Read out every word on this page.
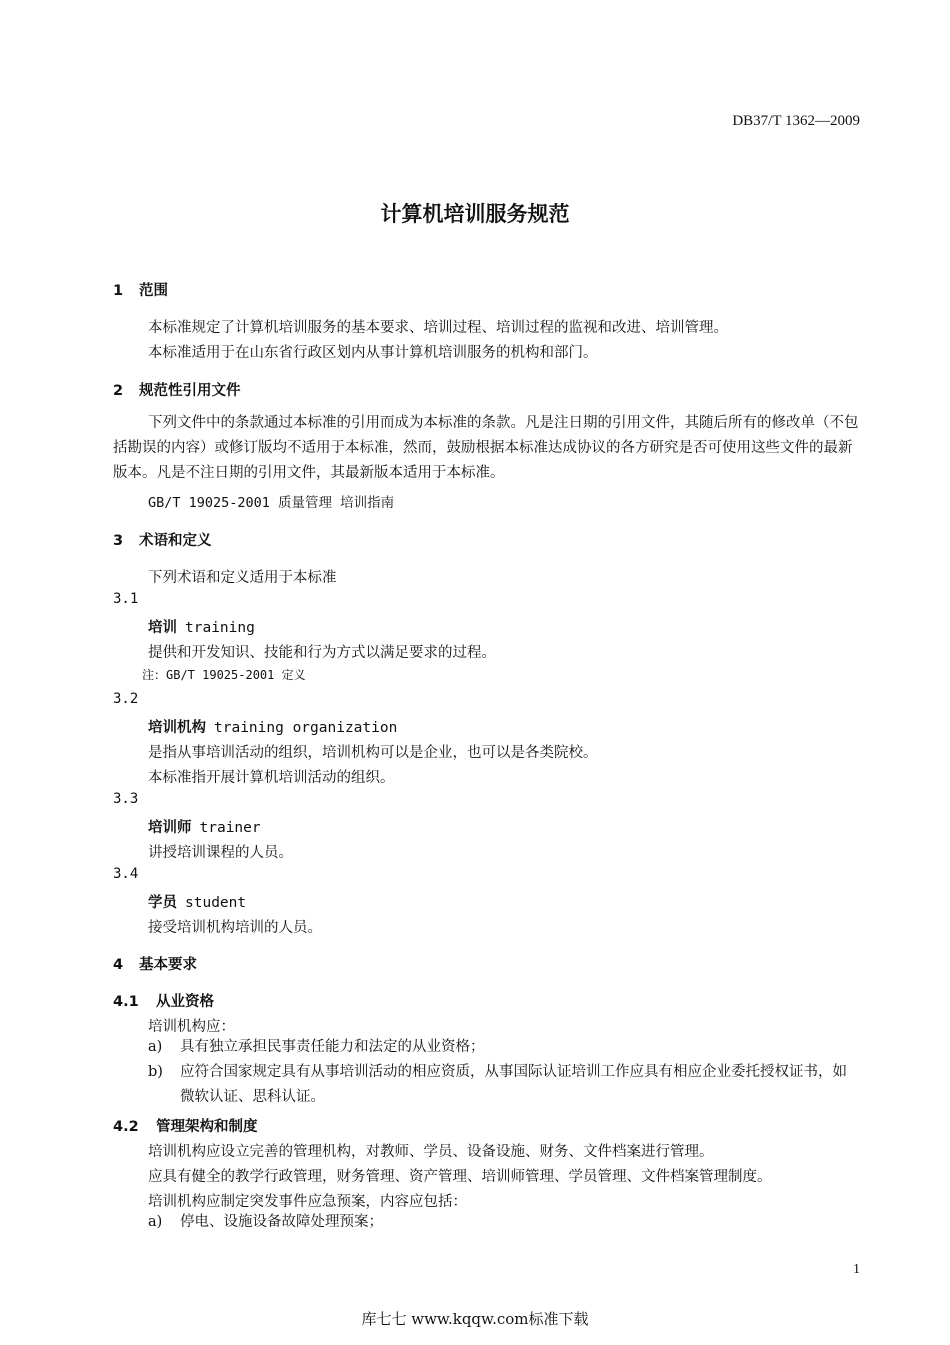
DB37/T 1362—2009
计算机培训服务规范
1 范围
本标准规定了计算机培训服务的基本要求、培训过程、培训过程的监视和改进、培训管理。
本标准适用于在山东省行政区划内从事计算机培训服务的机构和部门。
2 规范性引用文件
下列文件中的条款通过本标准的引用而成为本标准的条款。凡是注日期的引用文件，其随后所有的修改单（不包括勘误的内容）或修订版均不适用于本标准，然而，鼓励根据本标准达成协议的各方研究是否可使用这些文件的最新版本。凡是不注日期的引用文件，其最新版本适用于本标准。
GB/T 19025-2001 质量管理 培训指南
3 术语和定义
下列术语和定义适用于本标准
3.1
培训 training
提供和开发知识、技能和行为方式以满足要求的过程。
注：GB/T 19025-2001 定义
3.2
培训机构 training organization
是指从事培训活动的组织，培训机构可以是企业，也可以是各类院校。
本标准指开展计算机培训活动的组织。
3.3
培训师 trainer
讲授培训课程的人员。
3.4
学员 student
接受培训机构培训的人员。
4 基本要求
4.1 从业资格
培训机构应：
a) 具有独立承担民事责任能力和法定的从业资格；
b) 应符合国家规定具有从事培训活动的相应资质，从事国际认证培训工作应具有相应企业委托授权证书，如微软认证、思科认证。
4.2 管理架构和制度
培训机构应设立完善的管理机构，对教师、学员、设备设施、财务、文件档案进行管理。
应具有健全的教学行政管理，财务管理、资产管理、培训师管理、学员管理、文件档案管理制度。
培训机构应制定突发事件应急预案，内容应包括：
a) 停电、设施设备故障处理预案；
1
库七七 www.kqqw.com标准下载
